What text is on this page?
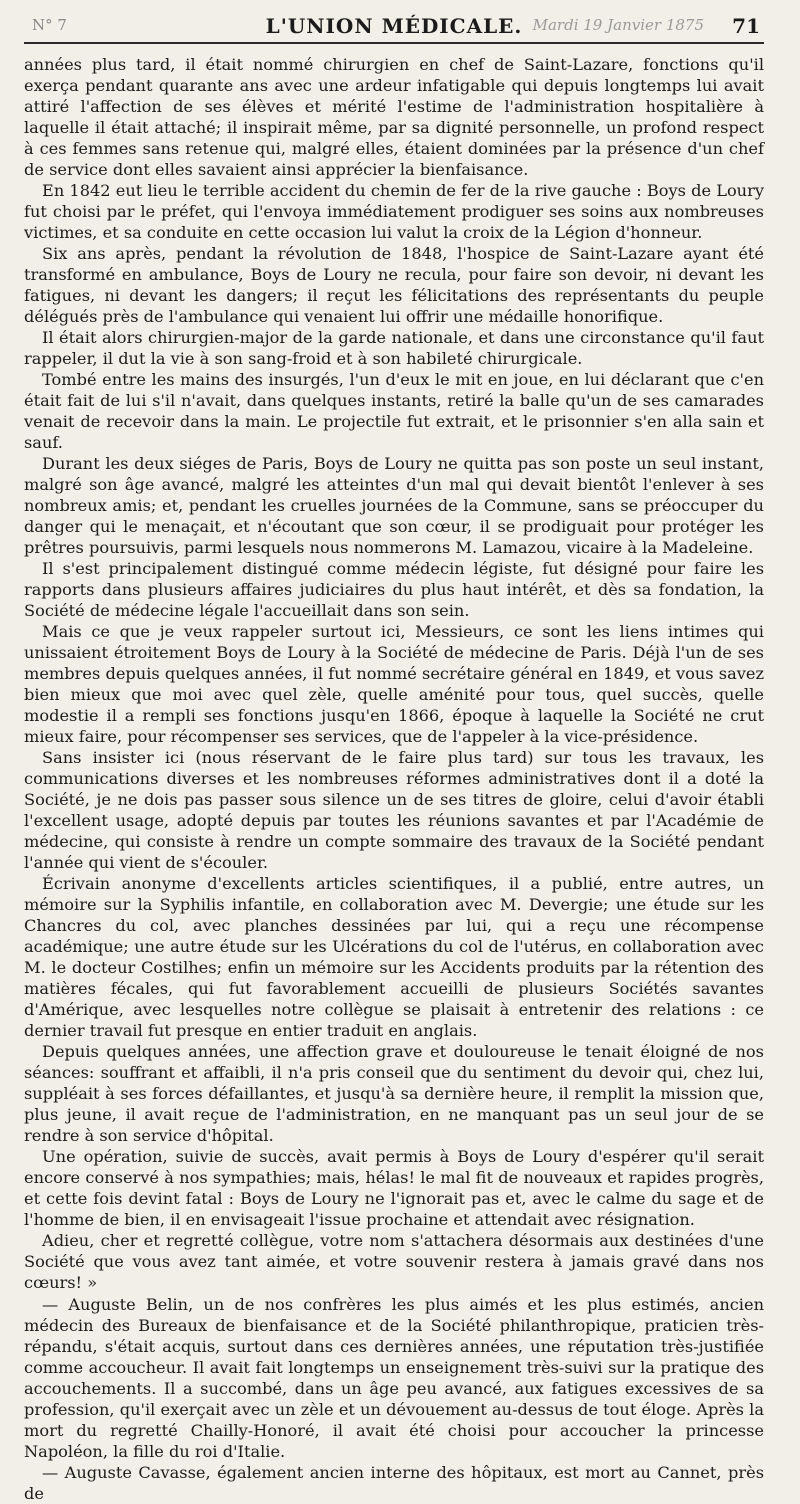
N° 7	L'UNION MÉDICALE. Mardi 19 Janvier 1875 71

années plus tard, il était nommé chirurgien en chef de Saint-Lazare, fonctions qu'il exerça pendant quarante ans avec une ardeur infatigable qui depuis longtemps lui avait attiré l'affection de ses élèves et mérité l'estime de l'administration hospitalière à laquelle il était attaché; il inspirait même, par sa dignité personnelle, un profond respect à ces femmes sans retenue qui, malgré elles, étaient dominées par la présence d'un chef de service dont elles savaient ainsi apprécier la bienfaisance.

En 1842 eut lieu le terrible accident du chemin de fer de la rive gauche : Boys de Loury fut choisi par le préfet, qui l'envoya immédiatement prodiguer ses soins aux nombreuses victimes, et sa conduite en cette occasion lui valut la croix de la Légion d'honneur.

Six ans après, pendant la révolution de 1848, l'hospice de Saint-Lazare ayant été transformé en ambulance, Boys de Loury ne recula, pour faire son devoir, ni devant les fatigues, ni devant les dangers; il reçut les félicitations des représentants du peuple délégués près de l'ambulance qui venaient lui offrir une médaille honorifique.

Il était alors chirurgien-major de la garde nationale, et dans une circonstance qu'il faut rappeler, il dut la vie à son sang-froid et à son habileté chirurgicale.

Tombé entre les mains des insurgés, l'un d'eux le mit en joue, en lui déclarant que c'en était fait de lui s'il n'avait, dans quelques instants, retiré la balle qu'un de ses camarades venait de recevoir dans la main. Le projectile fut extrait, et le prisonnier s'en alla sain et sauf.

Durant les deux siéges de Paris, Boys de Loury ne quitta pas son poste un seul instant, malgré son âge avancé, malgré les atteintes d'un mal qui devait bientôt l'enlever à ses nombreux amis; et, pendant les cruelles journées de la Commune, sans se préoccuper du danger qui le menaçait, et n'écoutant que son cœur, il se prodiguait pour protéger les prêtres poursuivis, parmi lesquels nous nommerons M. Lamazou, vicaire à la Madeleine.

Il s'est principalement distingué comme médecin légiste, fut désigné pour faire les rapports dans plusieurs affaires judiciaires du plus haut intérêt, et dès sa fondation, la Société de médecine légale l'accueillait dans son sein.

Mais ce que je veux rappeler surtout ici, Messieurs, ce sont les liens intimes qui unissaient étroitement Boys de Loury à la Société de médecine de Paris. Déjà l'un de ses membres depuis quelques années, il fut nommé secrétaire général en 1849, et vous savez bien mieux que moi avec quel zèle, quelle aménité pour tous, quel succès, quelle modestie il a rempli ses fonctions jusqu'en 1866, époque à laquelle la Société ne crut mieux faire, pour récompenser ses services, que de l'appeler à la vice-présidence.

Sans insister ici (nous réservant de le faire plus tard) sur tous les travaux, les communications diverses et les nombreuses réformes administratives dont il a doté la Société, je ne dois pas passer sous silence un de ses titres de gloire, celui d'avoir établi l'excellent usage, adopté depuis par toutes les réunions savantes et par l'Académie de médecine, qui consiste à rendre un compte sommaire des travaux de la Société pendant l'année qui vient de s'écouler.

Écrivain anonyme d'excellents articles scientifiques, il a publié, entre autres, un mémoire sur la Syphilis infantile, en collaboration avec M. Devergie; une étude sur les Chancres du col, avec planches dessinées par lui, qui a reçu une récompense académique; une autre étude sur les Ulcérations du col de l'utérus, en collaboration avec M. le docteur Costilhes; enfin un mémoire sur les Accidents produits par la rétention des matières fécales, qui fut favorablement accueilli de plusieurs Sociétés savantes d'Amérique, avec lesquelles notre collègue se plaisait à entretenir des relations : ce dernier travail fut presque en entier traduit en anglais.

Depuis quelques années, une affection grave et douloureuse le tenait éloigné de nos séances: souffrant et affaibli, il n'a pris conseil que du sentiment du devoir qui, chez lui, suppléait à ses forces défaillantes, et jusqu'à sa dernière heure, il remplit la mission que, plus jeune, il avait reçue de l'administration, en ne manquant pas un seul jour de se rendre à son service d'hôpital.

Une opération, suivie de succès, avait permis à Boys de Loury d'espérer qu'il serait encore conservé à nos sympathies; mais, hélas! le mal fit de nouveaux et rapides progrès, et cette fois devint fatal : Boys de Loury ne l'ignorait pas et, avec le calme du sage et de l'homme de bien, il en envisageait l'issue prochaine et attendait avec résignation.

Adieu, cher et regretté collègue, votre nom s'attachera désormais aux destinées d'une Société que vous avez tant aimée, et votre souvenir restera à jamais gravé dans nos cœurs! »

— Auguste Belin, un de nos confrères les plus aimés et les plus estimés, ancien médecin des Bureaux de bienfaisance et de la Société philanthropique, praticien très-répandu, s'était acquis, surtout dans ces dernières années, une réputation très-justifiée comme accoucheur. Il avait fait longtemps un enseignement très-suivi sur la pratique des accouchements. Il a succombé, dans un âge peu avancé, aux fatigues excessives de sa profession, qu'il exerçait avec un zèle et un dévouement au-dessus de tout éloge. Après la mort du regretté Chailly-Honoré, il avait été choisi pour accoucher la princesse Napoléon, la fille du roi d'Italie.

— Auguste Cavasse, également ancien interne des hôpitaux, est mort au Cannet, près de
